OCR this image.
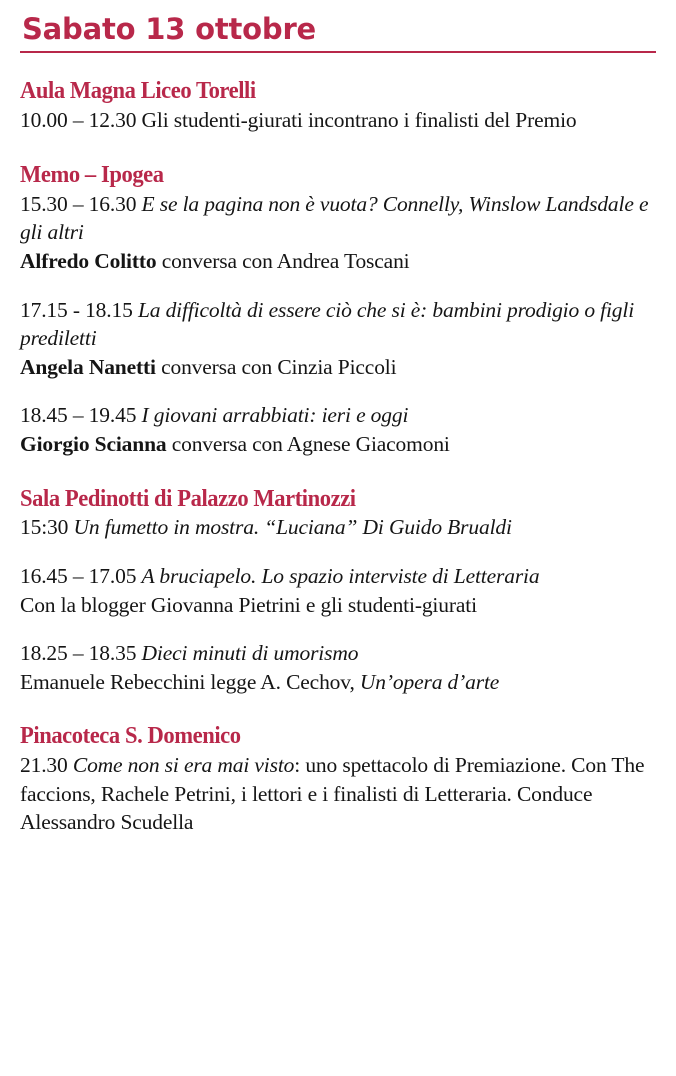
Sabato 13 ottobre
Aula Magna Liceo Torelli

10.00 – 12.30 Gli studenti-giurati incontrano i finalisti del Premio

Memo – Ipogea

15.30 – 16.30 E se la pagina non è vuota? Connelly, Winslow Landsdale e gli altri

Alfredo Colitto conversa con Andrea Toscani

17.15 - 18.15 La difficoltà di essere ciò che si è: bambini prodigio o figli prediletti

Angela Nanetti conversa con Cinzia Piccoli

18.45 – 19.45 I giovani arrabbiati: ieri e oggi

Giorgio Scianna conversa con Agnese Giacomoni

Sala Pedinotti di Palazzo Martinozzi

15:30 Un fumetto in mostra. “Luciana” Di Guido Brualdi

16.45 – 17.05 A bruciapelo. Lo spazio interviste di Letteraria

Con la blogger Giovanna Pietrini e gli studenti-giurati

18.25 – 18.35 Dieci minuti di umorismo

Emanuele Rebecchini legge A. Cechov, Un’opera d’arte

Pinacoteca S. Domenico

21.30 Come non si era mai visto: uno spettacolo di Premiazione. Con The faccions, Rachele Petrini, i lettori e i finalisti di Letteraria. Conduce Alessandro Scudella
